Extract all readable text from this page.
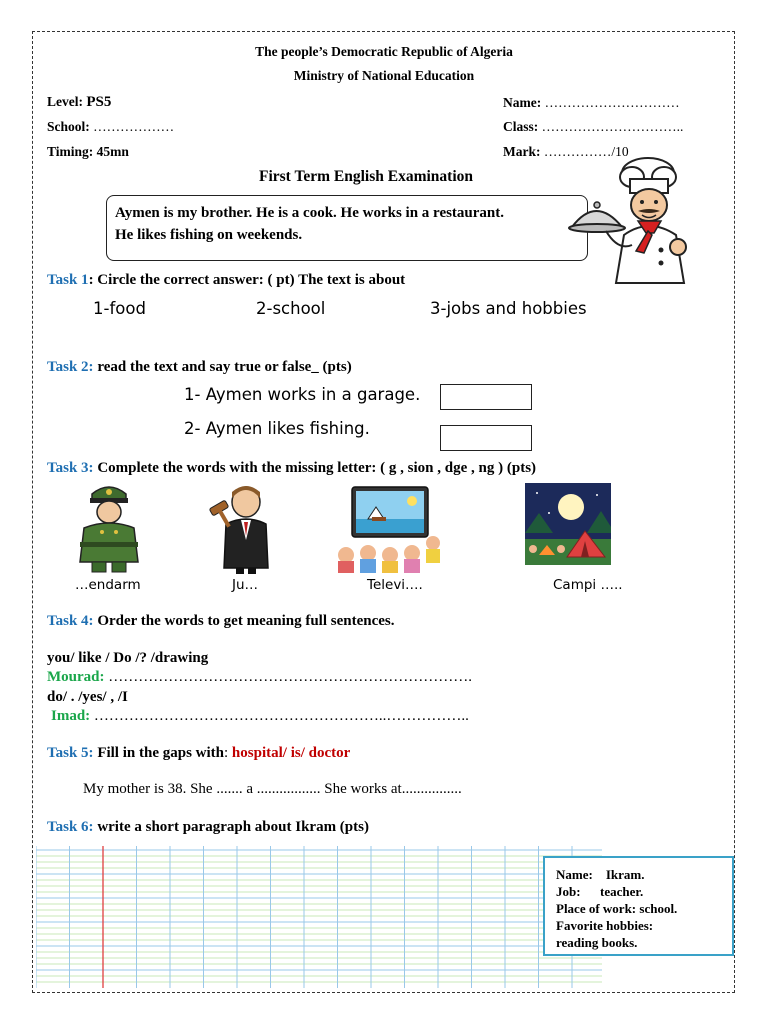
The people’s Democratic Republic of Algeria
Ministry of National Education
Level: PS5
School: ………………
Timing: 45mn
Name: …………………………
Class: …………………………..
Mark: ……………/10
First Term English Examination
Aymen is my brother. He is a cook. He works in a restaurant.
He likes fishing on weekends.
Task 1: Circle the correct answer: ( pt) The text is about
1-food	2-school	3-jobs and hobbies
Task 2: read the text and say true or false_ (pts)
1- Aymen works in a garage.
2- Aymen likes fishing.
Task 3: Complete the words with the missing letter: ( g , sion , dge , ng ) (pts)
…endarm	Ju…	Televi….	Campi …..
Task 4: Order the words to get meaning full sentences.
you/ like / Do /? /drawing
Mourad: ……………………………………………………………….
do/ . /yes/ , /I
Imad: …………………………………………………..……………..
Task 5: Fill in the gaps with: hospital/ is/ doctor
My mother is 38. She ....... a ................. She works at................
Task 6: write a short paragraph about Ikram (pts)
Name:    Ikram.
Job:      teacher.
Place of work: school.
Favorite hobbies:
reading books.
